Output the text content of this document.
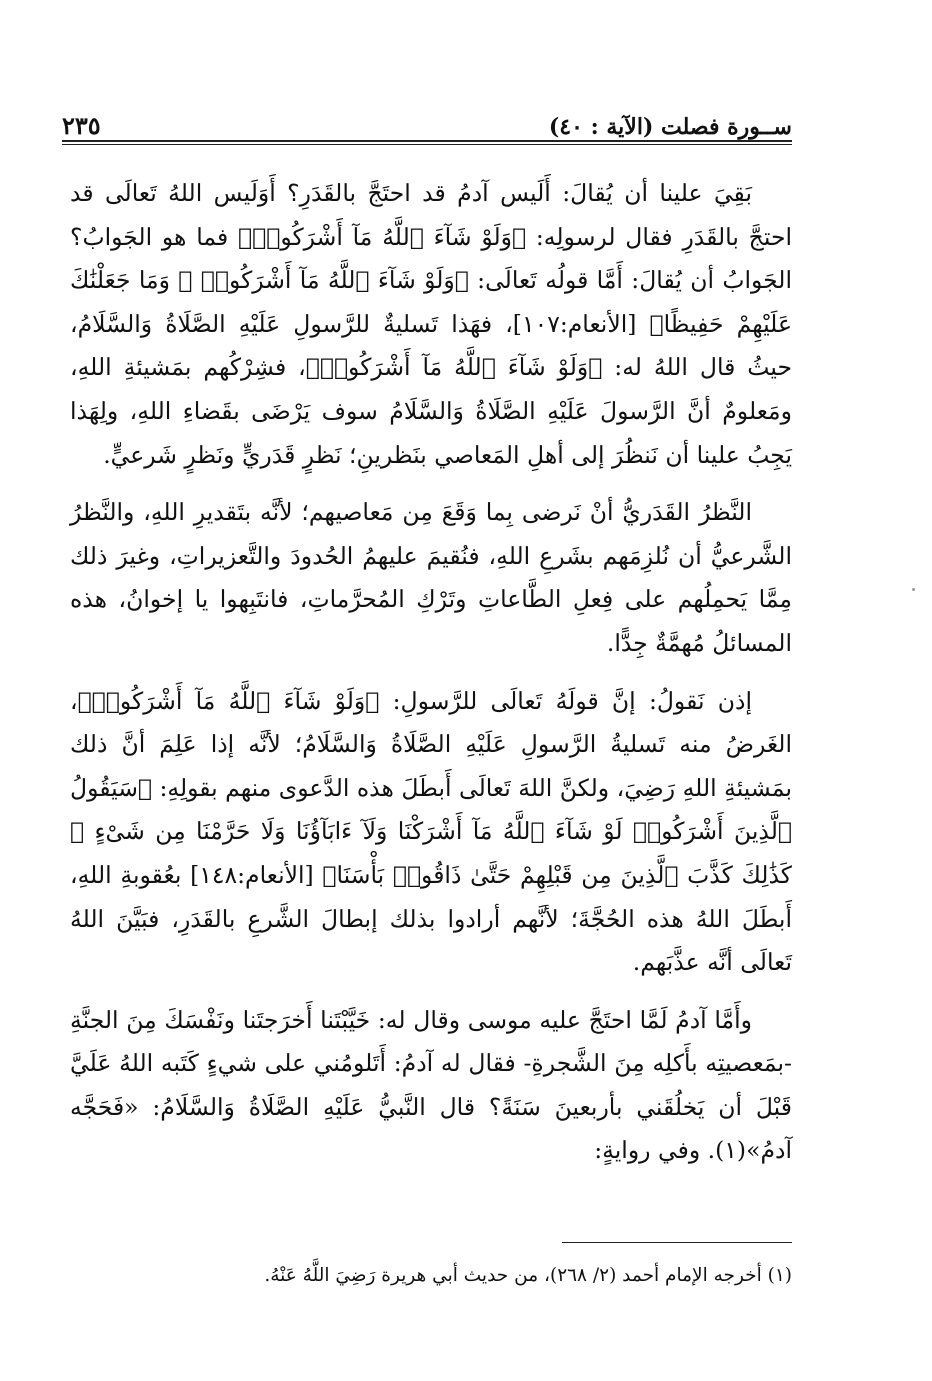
ســورة فصلت (الآية : ٤٠)
٢٣٥

بَقِيَ علينا أن يُقالَ: أَلَيس آدمُ قد احتَجَّ بالقَدَرِ؟ أَوَلَيس اللهُ تَعالَى قد احتجَّ بالقَدَرِ فقال لرسولِه: ﴿وَلَوْ شَآءَ ٱللَّهُ مَآ أَشْرَكُوا۟﴾ فما هو الجَوابُ؟ الجَوابُ أن يُقالَ: أَمَّا قولُه تَعالَى: ﴿وَلَوْ شَآءَ ٱللَّهُ مَآ أَشْرَكُوا۟ ۗ وَمَا جَعَلْنَٰكَ عَلَيْهِمْ حَفِيظًا﴾ [الأنعام:١٠٧]، فهَذا تَسليةٌ للرَّسولِ عَلَيْهِ الصَّلَاةُ وَالسَّلَامُ، حيثُ قال اللهُ له: ﴿وَلَوْ شَآءَ ٱللَّهُ مَآ أَشْرَكُوا۟﴾، فشِرْكُهم بمَشيئةِ اللهِ، ومَعلومٌ أنَّ الرَّسولَ عَلَيْهِ الصَّلَاةُ وَالسَّلَامُ سوف يَرْضَى بقَضاءِ اللهِ، ولِهَذا يَجِبُ علينا أن نَنظُرَ إلى أهلِ المَعاصي بنَظرينِ؛ نَظرٍ قَدَريٍّ ونَظرٍ شَرعيٍّ.

النَّظرُ القَدَريُّ أنْ نَرضى بِما وَقَعَ مِن مَعاصيهم؛ لأنَّه بتَقديرِ اللهِ، والنَّظرُ الشَّرعيُّ أن نُلزِمَهم بشَرعِ اللهِ، فنُقيمَ عليهمُ الحُدودَ والتَّعزيراتِ، وغيرَ ذلك مِمَّا يَحمِلُهم على فِعلِ الطَّاعاتِ وتَرْكِ المُحرَّماتِ، فانتَبِهوا يا إخوانُ، هذه المسائلُ مُهمَّةٌ جِدًّا.

إذن نَقولُ: إنَّ قولَهُ تَعالَى للرَّسولِ: ﴿وَلَوْ شَآءَ ٱللَّهُ مَآ أَشْرَكُوا۟﴾، الغَرضُ منه تَسليةُ الرَّسولِ عَلَيْهِ الصَّلَاةُ وَالسَّلَامُ؛ لأنَّه إذا عَلِمَ أنَّ ذلك بمَشيئةِ اللهِ رَضِيَ، ولكنَّ اللهَ تَعالَى أَبطَلَ هذه الدَّعوى منهم بقولِهِ: ﴿سَيَقُولُ ٱلَّذِينَ أَشْرَكُوا۟ لَوْ شَآءَ ٱللَّهُ مَآ أَشْرَكْنَا وَلَآ ءَابَآؤُنَا وَلَا حَرَّمْنَا مِن شَىْءٍ ۚ كَذَٰلِكَ كَذَّبَ ٱلَّذِينَ مِن قَبْلِهِمْ حَتَّىٰ ذَاقُوا۟ بَأْسَنَا﴾ [الأنعام:١٤٨] بعُقوبةِ اللهِ، أَبطَلَ اللهُ هذه الحُجَّةَ؛ لأنَّهم أرادوا بذلك إبطالَ الشَّرعِ بالقَدَرِ، فبَيَّنَ اللهُ تَعالَى أنَّه عذَّبَهم.

وأَمَّا آدمُ لَمَّا احتَجَّ عليه موسى وقال له: خَيَّبْتَنا أَخرَجتَنا ونَفْسَكَ مِنَ الجنَّةِ -بمَعصيتِه بأَكلِه مِنَ الشَّجرةِ- فقال له آدمُ: أَتَلومُني على شيءٍ كَتَبه اللهُ عَلَيَّ قَبْلَ أن يَخلُقَني بأربعينَ سَنَةً؟ قال النَّبيُّ عَلَيْهِ الصَّلَاةُ وَالسَّلَامُ: «فَحَجَّه آدمُ»(١). وفي روايةٍ:

(١) أخرجه الإمام أحمد (٢/ ٢٦٨)، من حديث أبي هريرة رَضِيَ اللَّهُ عَنْهُ.
